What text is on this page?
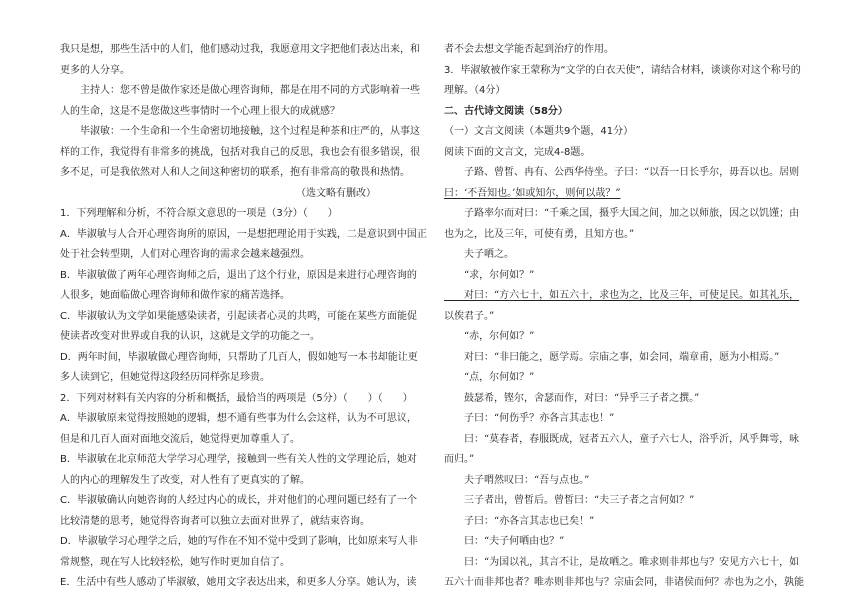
我只是想，那些生活中的人们，他们感动过我，我愿意用文字把他们表达出来，和
更多的人分享。
　　主持人：您不曾是做作家还是做心理咨询师，都是在用不同的方式影响着一些
人的生命，这是不是您做这些事情时一个心理上很大的成就感？
　　毕淑敏：一个生命和一个生命密切地接触，这个过程是种茶和庄严的，从事这
样的工作，我觉得有非常多的挑战，包括对我自己的反思，我也会有很多错误，很
多不足，可是我依然对人和人之间这种密切的联系，抱有非常高的敬畏和热情。
（选文略有删改）
1．下列理解和分析，不符合原文意思的一项是（3分）（　　）
A．毕淑敏与人合开心理咨询所的原因，一是想把理论用于实践，二是意识到中国正
处于社会转型期，人们对心理咨询的需求会越来越强烈。
B．毕淑敏做了两年心理咨询师之后，退出了这个行业，原因是来进行心理咨询的
人很多，她面临做心理咨询师和做作家的痛苦选择。
C．毕淑敏认为文学如果能感染读者，引起读者心灵的共鸣，可能在某些方面能促
使读者改变对世界或自我的认识，这就是文学的功能之一。
D．两年时间，毕淑敏做心理咨询师，只帮助了几百人，假如她写一本书却能让更
多人读到它，但她觉得这段经历同样弥足珍贵。
2．下列对材料有关内容的分析和概括，最恰当的两项是（5分）（　　）（　　）
A．毕淑敏原来觉得按照她的逻辑，想不通有些事为什么会这样，认为不可思议，
但是和几百人面对面地交流后，她觉得更加尊重人了。
B．毕淑敏在北京师范大学学习心理学，接触到一些有关人性的文学理论后，她对
人的内心的理解发生了改变，对人性有了更真实的了解。
C．毕淑敏确认向她咨询的人经过内心的成长，并对他们的心理问题已经有了一个
比较清楚的思考，她觉得咨询者可以独立去面对世界了，就结束咨询。
D．毕淑敏学习心理学之后，她的写作在不知不觉中受到了影响，比如原来写人非
常规整，现在写人比较轻松，她写作时更加自信了。
E．生活中有些人感动了毕淑敏，她用文字表达出来，和更多人分享。她认为，读
者不会去想文学能否起到治疗的作用。
3．毕淑敏被作家王蒙称为“文学的白衣天使”，请结合材料，谈谈你对这个称号的
理解。（4分）
二、古代诗文阅读（58分）
（一）文言文阅读（本题共9个题，41分）
阅读下面的文言文，完成4-8题。
　　子路、曾皙、冉有、公西华侍坐。子曰：“以吾一日长乎尔，毋吾以也。居则
曰：‘不吾知也。’如或知尔，则何以哉？”
　　子路率尔而对曰：“千乘之国，摄乎大国之间，加之以师旅，因之以饥馑；由
也为之，比及三年，可使有勇，且知方也。”
　　夫子哂之。
　　“求，尔何如？”
　　对曰：“方六七十，如五六十，求也为之，比及三年，可使足民。如其礼乐，
以俟君子。”
　　“赤，尔何如？”
　　对曰：“非曰能之，愿学焉。宗庙之事，如会同，端章甫，愿为小相焉。”
　　“点，尔何如？”
　　鼓瑟希，铿尔，舍瑟而作，对曰：“异乎三子者之撰。”
　　子曰：“何伤乎？亦各言其志也！”
　　曰：“莫春者，春服既成，冠者五六人，童子六七人，浴乎沂，风乎舞雩，咏
而归。”
　　夫子喟然叹曰：“吾与点也。”
　　三子者出，曾皙后。曾皙曰：“夫三子者之言何如？”
　　子曰：“亦各言其志也已矣！”
　　曰：“夫子何哂由也？”
　　曰：“为国以礼，其言不让，是故哂之。唯求则非邦也与？安见方六七十，如
五六十而非邦也者？唯赤则非邦也与？宗庙会同，非诸侯而何？赤也为之小，孰能
